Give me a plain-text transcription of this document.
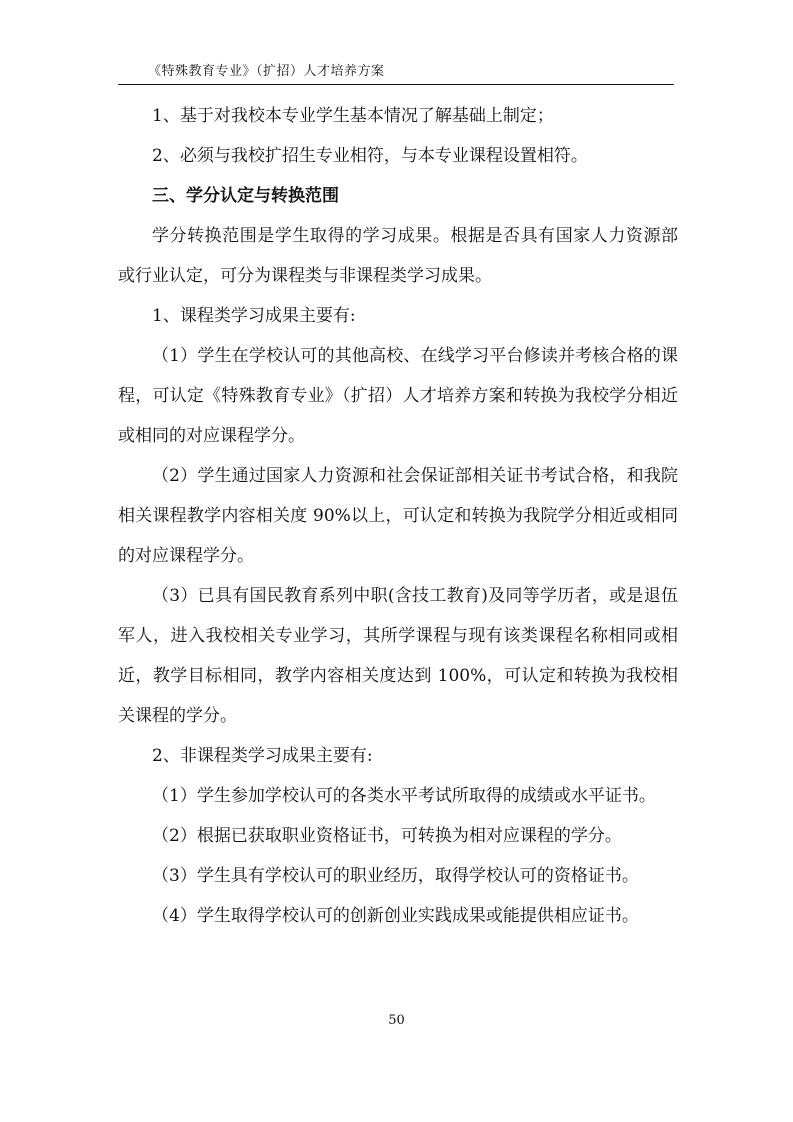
《特殊教育专业》（扩招）人才培养方案

1、基于对我校本专业学生基本情况了解基础上制定；

2、必须与我校扩招生专业相符，与本专业课程设置相符。

三、学分认定与转换范围

学分转换范围是学生取得的学习成果。根据是否具有国家人力资源部或行业认定，可分为课程类与非课程类学习成果。

1、课程类学习成果主要有:

（1）学生在学校认可的其他高校、在线学习平台修读并考核合格的课程，可认定《特殊教育专业》（扩招）人才培养方案和转换为我校学分相近或相同的对应课程学分。

（2）学生通过国家人力资源和社会保证部相关证书考试合格，和我院相关课程教学内容相关度 90%以上，可认定和转换为我院学分相近或相同的对应课程学分。

（3）已具有国民教育系列中职(含技工教育)及同等学历者，或是退伍军人，进入我校相关专业学习，其所学课程与现有该类课程名称相同或相近，教学目标相同，教学内容相关度达到 100%，可认定和转换为我校相关课程的学分。

2、非课程类学习成果主要有:

（1）学生参加学校认可的各类水平考试所取得的成绩或水平证书。

（2）根据已获取职业资格证书，可转换为相对应课程的学分。

（3）学生具有学校认可的职业经历，取得学校认可的资格证书。

（4）学生取得学校认可的创新创业实践成果或能提供相应证书。

50
